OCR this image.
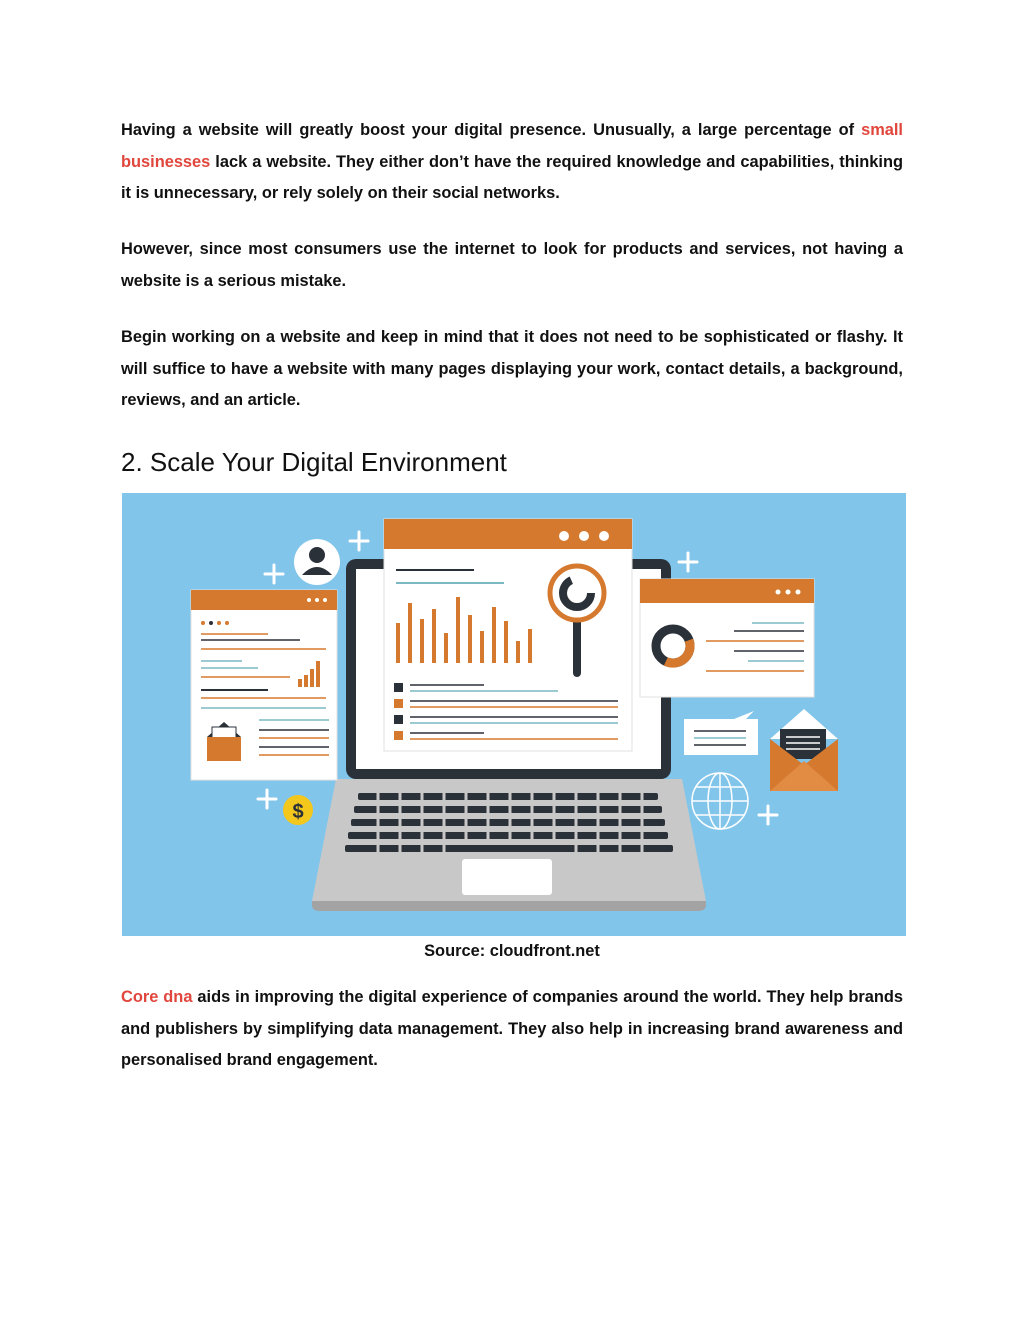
Having a website will greatly boost your digital presence. Unusually, a large percentage of small businesses lack a website. They either don’t have the required knowledge and capabilities, thinking it is unnecessary, or rely solely on their social networks.

However, since most consumers use the internet to look for products and services, not having a website is a serious mistake.

Begin working on a website and keep in mind that it does not need to be sophisticated or flashy. It will suffice to have a website with many pages displaying your work, contact details, a background, reviews, and an article.

2. Scale Your Digital Environment
$
Source: cloudfront.net

Core dna aids in improving the digital experience of companies around the world. They help brands and publishers by simplifying data management. They also help in increasing brand awareness and personalised brand engagement.
